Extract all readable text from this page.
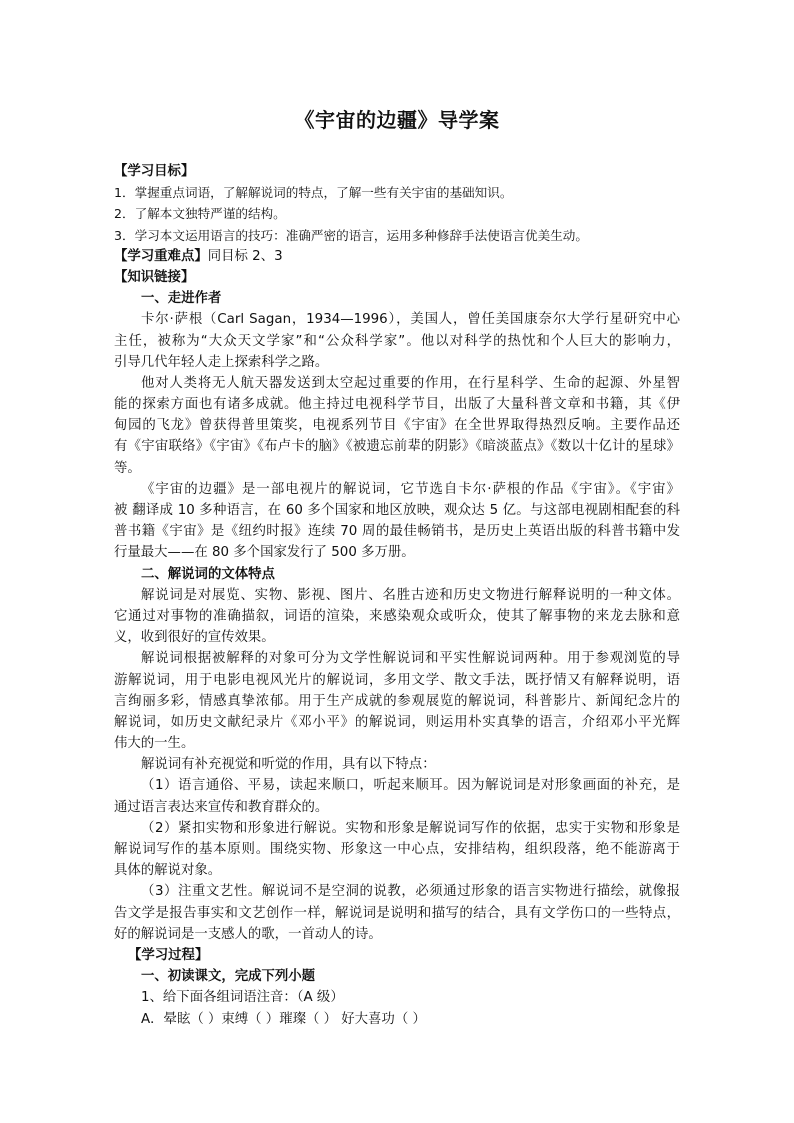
《宇宙的边疆》导学案
【学习目标】
1．掌握重点词语，了解解说词的特点，了解一些有关宇宙的基础知识。
2．了解本文独特严谨的结构。
3．学习本文运用语言的技巧：准确严密的语言，运用多种修辞手法使语言优美生动。
【学习重难点】同目标 2、3
【知识链接】
一、走进作者
卡尔·萨根（Carl Sagan，1934—1996），美国人，曾任美国康奈尔大学行星研究中心
主任，被称为“大众天文学家”和“公众科学家”。他以对科学的热忱和个人巨大的影响力，
引导几代年轻人走上探索科学之路。
他对人类将无人航天器发送到太空起过重要的作用，在行星科学、生命的起源、外星智
能的探索方面也有诸多成就。他主持过电视科学节目，出版了大量科普文章和书籍，其《伊
甸园的飞龙》曾获得普里策奖，电视系列节目《宇宙》在全世界取得热烈反响。主要作品还
有《宇宙联络》《宇宙》《布卢卡的脑》《被遗忘前辈的阴影》《暗淡蓝点》《数以十亿计的星球》
等。
《宇宙的边疆》是一部电视片的解说词，它节选自卡尔·萨根的作品《宇宙》。《宇宙》
被 翻译成 10 多种语言，在 60 多个国家和地区放映，观众达 5 亿。与这部电视剧相配套的科
普书籍《宇宙》是《纽约时报》连续 70 周的最佳畅销书，是历史上英语出版的科普书籍中发
行量最大——在 80 多个国家发行了 500 多万册。
二、解说词的文体特点
解说词是对展览、实物、影视、图片、名胜古迹和历史文物进行解释说明的一种文体。
它通过对事物的准确描叙，词语的渲染，来感染观众或听众，使其了解事物的来龙去脉和意
义，收到很好的宣传效果。
解说词根据被解释的对象可分为文学性解说词和平实性解说词两种。用于参观浏览的导
游解说词，用于电影电视风光片的解说词，多用文学、散文手法，既抒情又有解释说明，语
言绚丽多彩，情感真挚浓郁。用于生产成就的参观展览的解说词，科普影片、新闻纪念片的
解说词，如历史文献纪录片《邓小平》的解说词，则运用朴实真挚的语言，介绍邓小平光辉
伟大的一生。
解说词有补充视觉和听觉的作用，具有以下特点：
（1）语言通俗、平易，读起来顺口，听起来顺耳。因为解说词是对形象画面的补充，是
通过语言表达来宣传和教育群众的。
（2）紧扣实物和形象进行解说。实物和形象是解说词写作的依据，忠实于实物和形象是
解说词写作的基本原则。围绕实物、形象这一中心点，安排结构，组织段落，绝不能游离于
具体的解说对象。
（3）注重文艺性。解说词不是空洞的说教，必须通过形象的语言实物进行描绘，就像报
告文学是报告事实和文艺创作一样，解说词是说明和描写的结合，具有文学伤口的一些特点，
好的解说词是一支感人的歌，一首动人的诗。
【学习过程】
一、初读课文，完成下列小题
1、给下面各组词语注音：（A 级）
A．晕眩（ ）束缚（ ）璀璨（ ） 好大喜功（ ）
